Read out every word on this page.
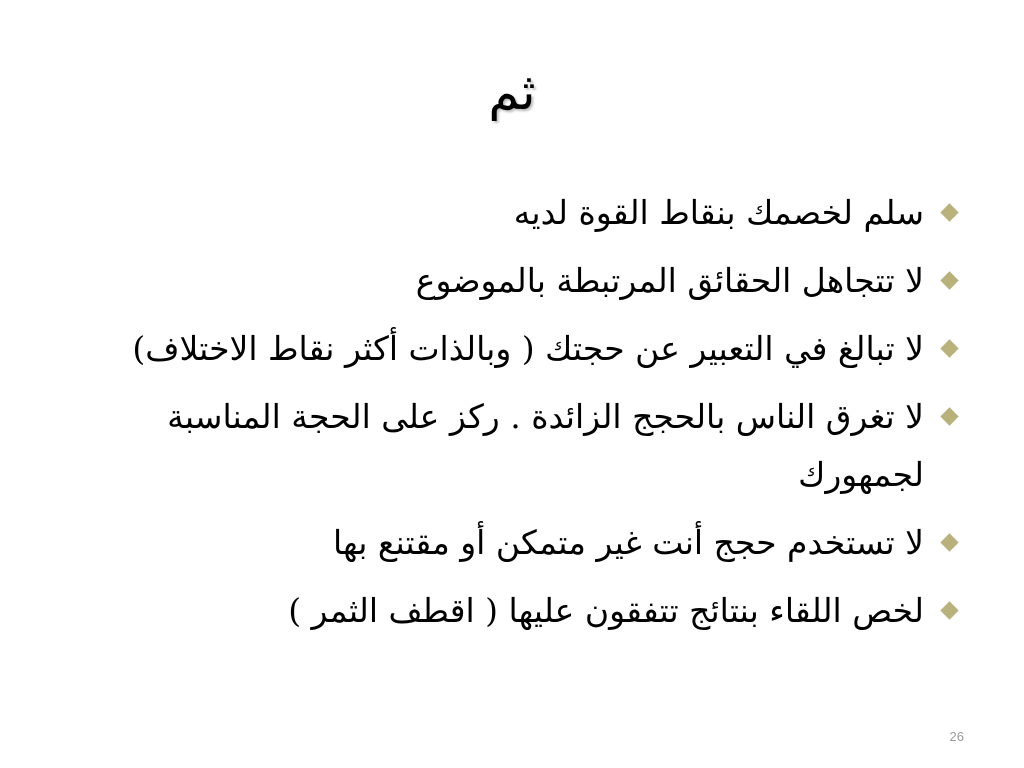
ثم
سلم لخصمك بنقاط القوة لديه
لا تتجاهل الحقائق المرتبطة بالموضوع
لا تبالغ في التعبير عن حجتك ( وبالذات أكثر نقاط الاختلاف)
لا تغرق الناس بالحجج الزائدة . ركز على الحجة المناسبة لجمهورك
لا تستخدم حجج أنت غير متمكن أو مقتنع بها
لخص اللقاء بنتائج تتفقون عليها ( اقطف الثمر )
26
